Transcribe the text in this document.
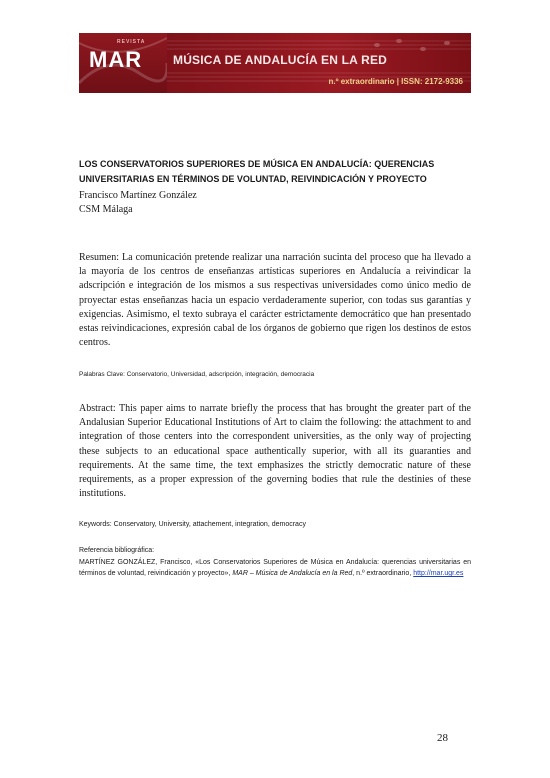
REVISTA
MAR	MÚSICA DE ANDALUCÍA EN LA RED
n.º extraordinario | ISSN: 2172-9336
LOS CONSERVATORIOS SUPERIORES DE MÚSICA EN ANDALUCÍA: QUERENCIAS
UNIVERSITARIAS EN TÉRMINOS DE VOLUNTAD, REIVINDICACIÓN Y PROYECTO
Francisco Martínez González
CSM Málaga
Resumen: La comunicación pretende realizar una narración sucinta del proceso que ha llevado a la mayoría de los centros de enseñanzas artísticas superiores en Andalucía a reivindicar la adscripción e integración de los mismos a sus respectivas universidades como único medio de proyectar estas enseñanzas hacia un espacio verdaderamente superior, con todas sus garantías y exigencias. Asimismo, el texto subraya el carácter estrictamente democrático que han presentado estas reivindicaciones, expresión cabal de los órganos de gobierno que rigen los destinos de estos centros.
Palabras Clave: Conservatorio, Universidad, adscripción, integración, democracia
Abstract: This paper aims to narrate briefly the process that has brought the greater part of the Andalusian Superior Educational Institutions of Art to claim the following: the attachment to and integration of those centers into the correspondent universities, as the only way of projecting these subjects to an educational space authentically superior, with all its guaranties and requirements. At the same time, the text emphasizes the strictly democratic nature of these requirements, as a proper expression of the governing bodies that rule the destinies of these institutions.
Keywords: Conservatory, University, attachement, integration, democracy
Referencia bibliográfica:
MARTÍNEZ GONZÁLEZ, Francisco, «Los Conservatorios Superiores de Música en Andalucía: querencias universitarias en términos de voluntad, reivindicación y proyecto», MAR – Música de Andalucía en la Red, n.º extraordinario, http://mar.ugr.es
28
